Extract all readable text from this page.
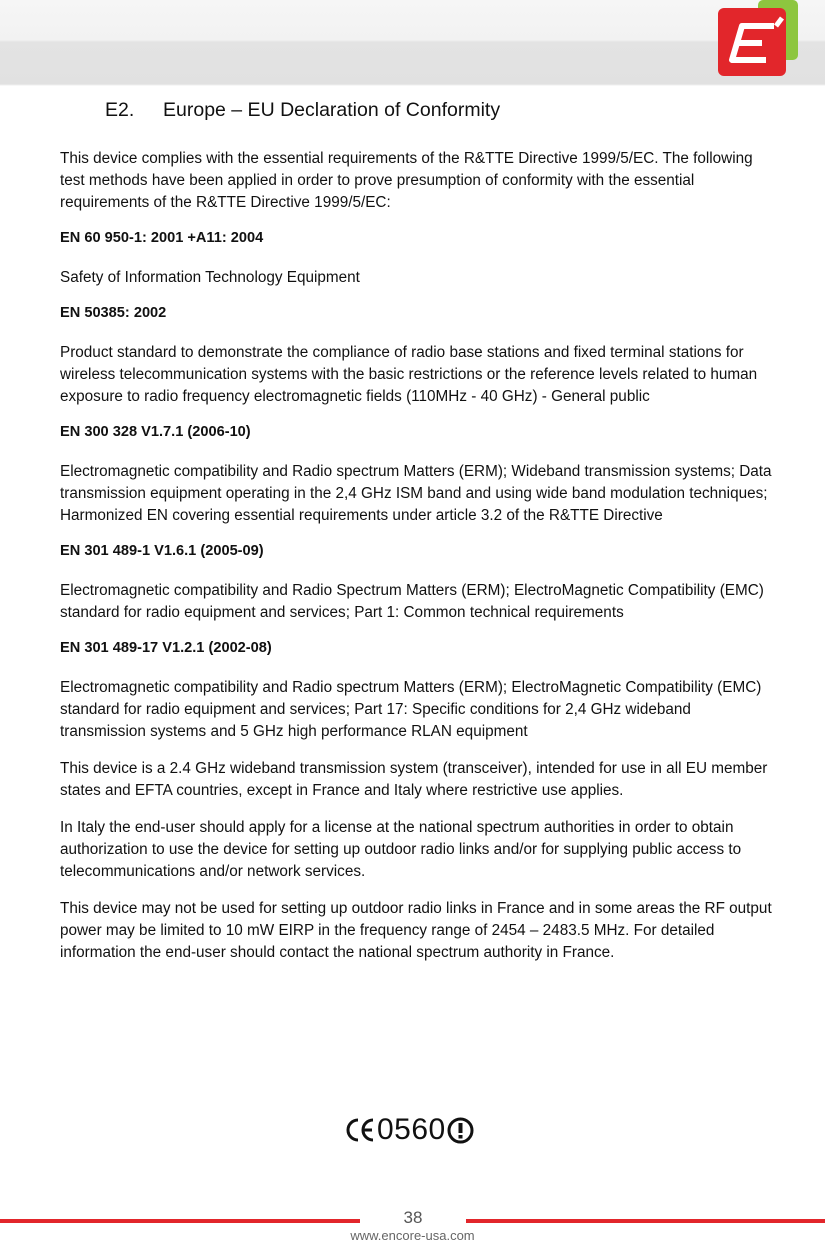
E2. Europe – EU Declaration of Conformity

This device complies with the essential requirements of the R&TTE Directive 1999/5/EC. The following test methods have been applied in order to prove presumption of conformity with the essential requirements of the R&TTE Directive 1999/5/EC:

EN 60 950-1: 2001 +A11: 2004

Safety of Information Technology Equipment

EN 50385: 2002

Product standard to demonstrate the compliance of radio base stations and fixed terminal stations for wireless telecommunication systems with the basic restrictions or the reference levels related to human exposure to radio frequency electromagnetic fields (110MHz - 40 GHz) - General public

EN 300 328 V1.7.1 (2006-10)

Electromagnetic compatibility and Radio spectrum Matters (ERM); Wideband transmission systems; Data transmission equipment operating in the 2,4 GHz ISM band and using wide band modulation techniques; Harmonized EN covering essential requirements under article 3.2 of the R&TTE Directive

EN 301 489-1 V1.6.1 (2005-09)

Electromagnetic compatibility and Radio Spectrum Matters (ERM); ElectroMagnetic Compatibility (EMC) standard for radio equipment and services; Part 1: Common technical requirements

EN 301 489-17 V1.2.1 (2002-08)

Electromagnetic compatibility and Radio spectrum Matters (ERM); ElectroMagnetic Compatibility (EMC) standard for radio equipment and services; Part 17: Specific conditions for 2,4 GHz wideband transmission systems and 5 GHz high performance RLAN equipment

This device is a 2.4 GHz wideband transmission system (transceiver), intended for use in all EU member states and EFTA countries, except in France and Italy where restrictive use applies.

In Italy the end-user should apply for a license at the national spectrum authorities in order to obtain authorization to use the device for setting up outdoor radio links and/or for supplying public access to telecommunications and/or network services.

This device may not be used for setting up outdoor radio links in France and in some areas the RF output power may be limited to 10 mW EIRP in the frequency range of 2454 – 2483.5 MHz. For detailed information the end-user should contact the national spectrum authority in France.

0560
38
www.encore-usa.com
